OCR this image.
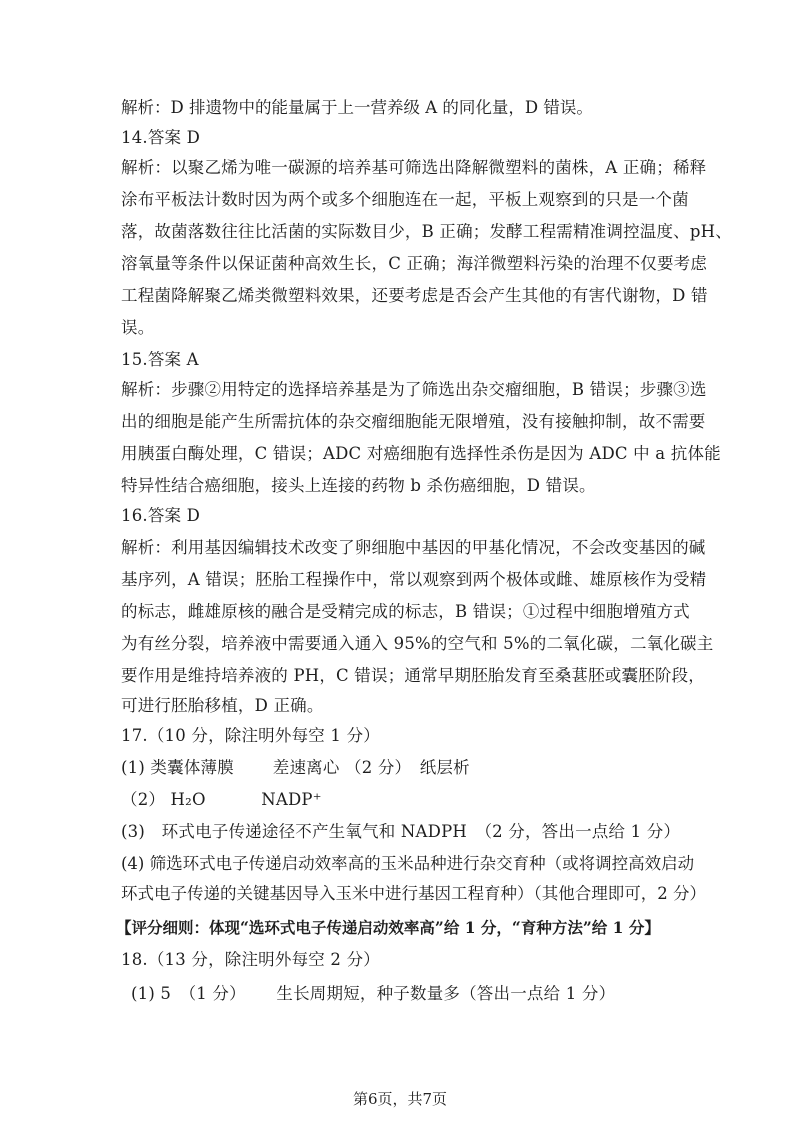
解析：D 排遗物中的能量属于上一营养级 A 的同化量，D 错误。
14.答案 D
解析：以聚乙烯为唯一碳源的培养基可筛选出降解微塑料的菌株，A 正确；稀释
涂布平板法计数时因为两个或多个细胞连在一起，平板上观察到的只是一个菌
落，故菌落数往往比活菌的实际数目少，B 正确；发酵工程需精准调控温度、pH、
溶氧量等条件以保证菌种高效生长，C 正确；海洋微塑料污染的治理不仅要考虑
工程菌降解聚乙烯类微塑料效果，还要考虑是否会产生其他的有害代谢物，D 错
误。
15.答案 A
解析：步骤②用特定的选择培养基是为了筛选出杂交瘤细胞，B 错误；步骤③选
出的细胞是能产生所需抗体的杂交瘤细胞能无限增殖，没有接触抑制，故不需要
用胰蛋白酶处理，C 错误；ADC 对癌细胞有选择性杀伤是因为 ADC 中 a 抗体能
特异性结合癌细胞，接头上连接的药物 b 杀伤癌细胞，D 错误。
16.答案 D
解析：利用基因编辑技术改变了卵细胞中基因的甲基化情况，不会改变基因的碱
基序列，A 错误；胚胎工程操作中，常以观察到两个极体或雌、雄原核作为受精
的标志，雌雄原核的融合是受精完成的标志，B 错误；①过程中细胞增殖方式
为有丝分裂，培养液中需要通入通入 95%的空气和 5%的二氧化碳，二氧化碳主
要作用是维持培养液的 PH，C 错误；通常早期胚胎发育至桑葚胚或囊胚阶段，
可进行胚胎移植，D 正确。
17.（10 分，除注明外每空 1 分）
(1) 类囊体薄膜　　 差速离心 （2 分）　纸层析
（2） H₂O　　　 NADP⁺
(3)　环式电子传递途径不产生氧气和 NADPH　（2 分，答出一点给 1 分）
(4) 筛选环式电子传递启动效率高的玉米品种进行杂交育种（或将调控高效启动
环式电子传递的关键基因导入玉米中进行基因工程育种）（其他合理即可，2 分）
【评分细则：体现“选环式电子传递启动效率高”给 1 分，“育种方法”给 1 分】
18.（13 分，除注明外每空 2 分）
(1) 5　（1 分）　　 生长周期短，种子数量多（答出一点给 1 分）
第6页，共7页
